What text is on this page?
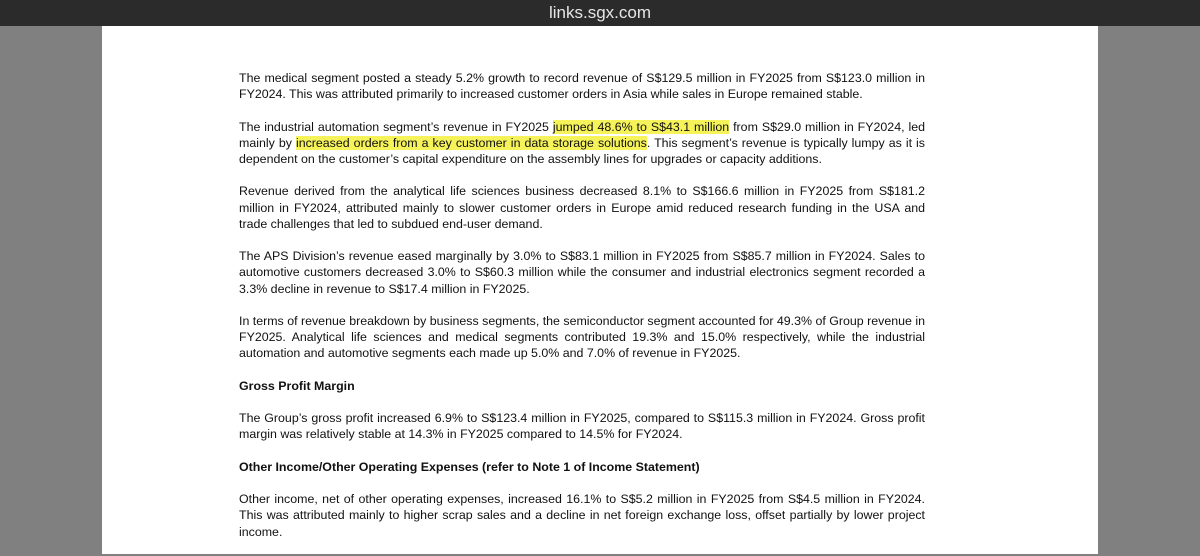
links.sgx.com

The medical segment posted a steady 5.2% growth to record revenue of S$129.5 million in FY2025 from S$123.0 million in FY2024. This was attributed primarily to increased customer orders in Asia while sales in Europe remained stable.

The industrial automation segment’s revenue in FY2025 jumped 48.6% to S$43.1 million from S$29.0 million in FY2024, led mainly by increased orders from a key customer in data storage solutions. This segment’s revenue is typically lumpy as it is dependent on the customer’s capital expenditure on the assembly lines for upgrades or capacity additions.

Revenue derived from the analytical life sciences business decreased 8.1% to S$166.6 million in FY2025 from S$181.2 million in FY2024, attributed mainly to slower customer orders in Europe amid reduced research funding in the USA and trade challenges that led to subdued end-user demand.

The APS Division’s revenue eased marginally by 3.0% to S$83.1 million in FY2025 from S$85.7 million in FY2024. Sales to automotive customers decreased 3.0% to S$60.3 million while the consumer and industrial electronics segment recorded a 3.3% decline in revenue to S$17.4 million in FY2025.

In terms of revenue breakdown by business segments, the semiconductor segment accounted for 49.3% of Group revenue in FY2025. Analytical life sciences and medical segments contributed 19.3% and 15.0% respectively, while the industrial automation and automotive segments each made up 5.0% and 7.0% of revenue in FY2025.

Gross Profit Margin

The Group’s gross profit increased 6.9% to S$123.4 million in FY2025, compared to S$115.3 million in FY2024. Gross profit margin was relatively stable at 14.3% in FY2025 compared to 14.5% for FY2024.

Other Income/Other Operating Expenses (refer to Note 1 of Income Statement)

Other income, net of other operating expenses, increased 16.1% to S$5.2 million in FY2025 from S$4.5 million in FY2024. This was attributed mainly to higher scrap sales and a decline in net foreign exchange loss, offset partially by lower project income.
